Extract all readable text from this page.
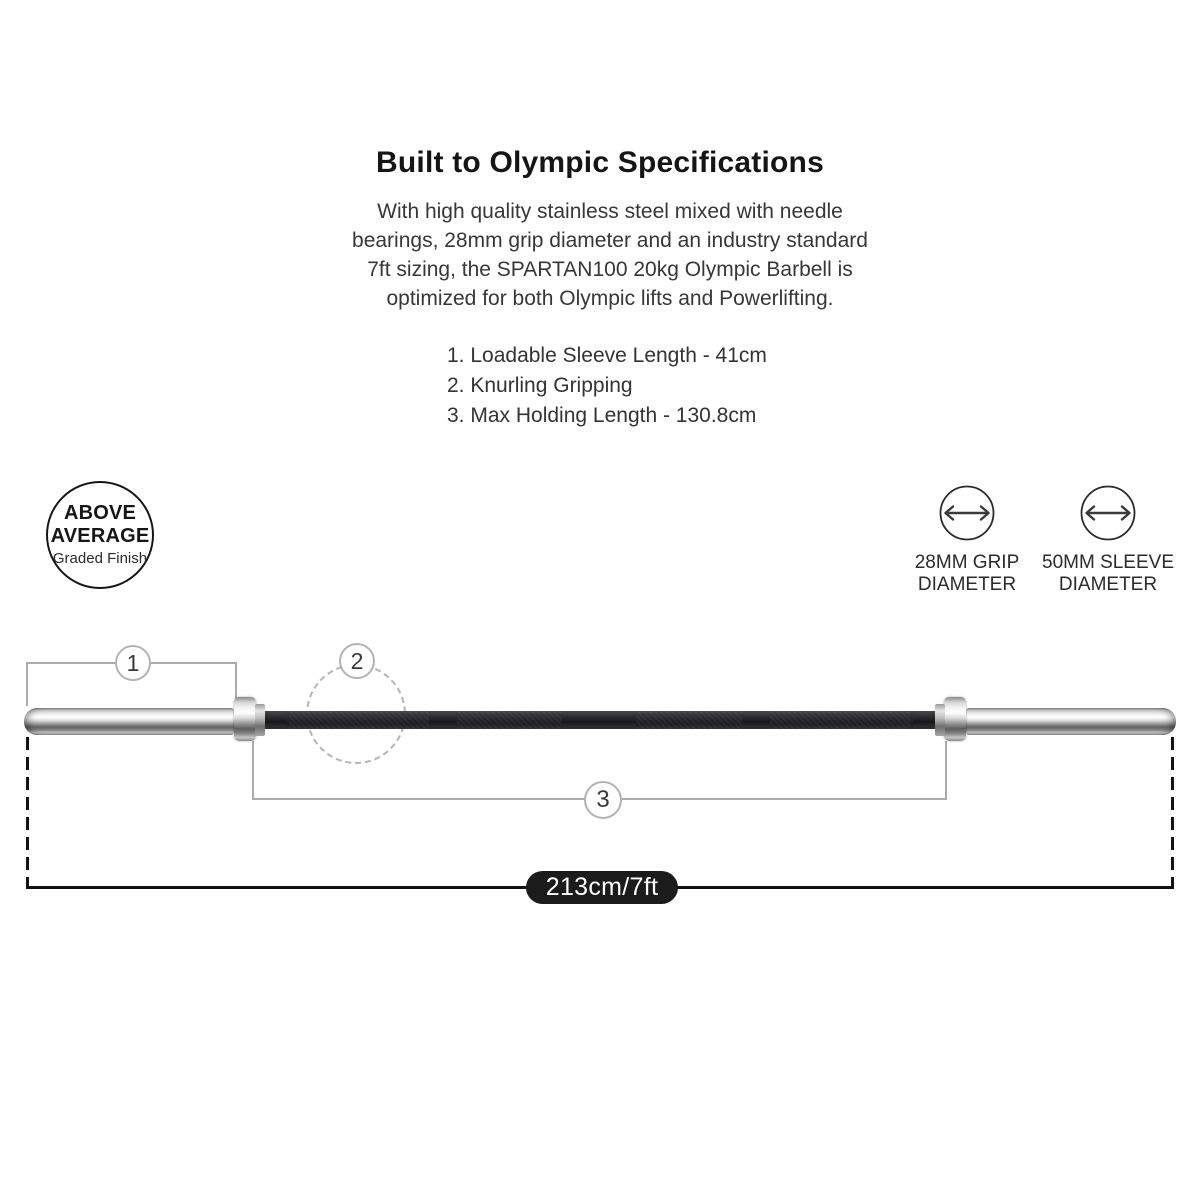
Built to Olympic Specifications
With high quality stainless steel mixed with needle
bearings, 28mm grip diameter and an industry standard
7ft sizing, the SPARTAN100 20kg Olympic Barbell is
optimized for both Olympic lifts and Powerlifting.
1. Loadable Sleeve Length - 41cm
2. Knurling Gripping
3. Max Holding Length - 130.8cm
ABOVE
AVERAGE
Graded Finish	28MM GRIP
DIAMETER
50MM SLEEVE
DIAMETER
1	2
3
213cm/7ft
